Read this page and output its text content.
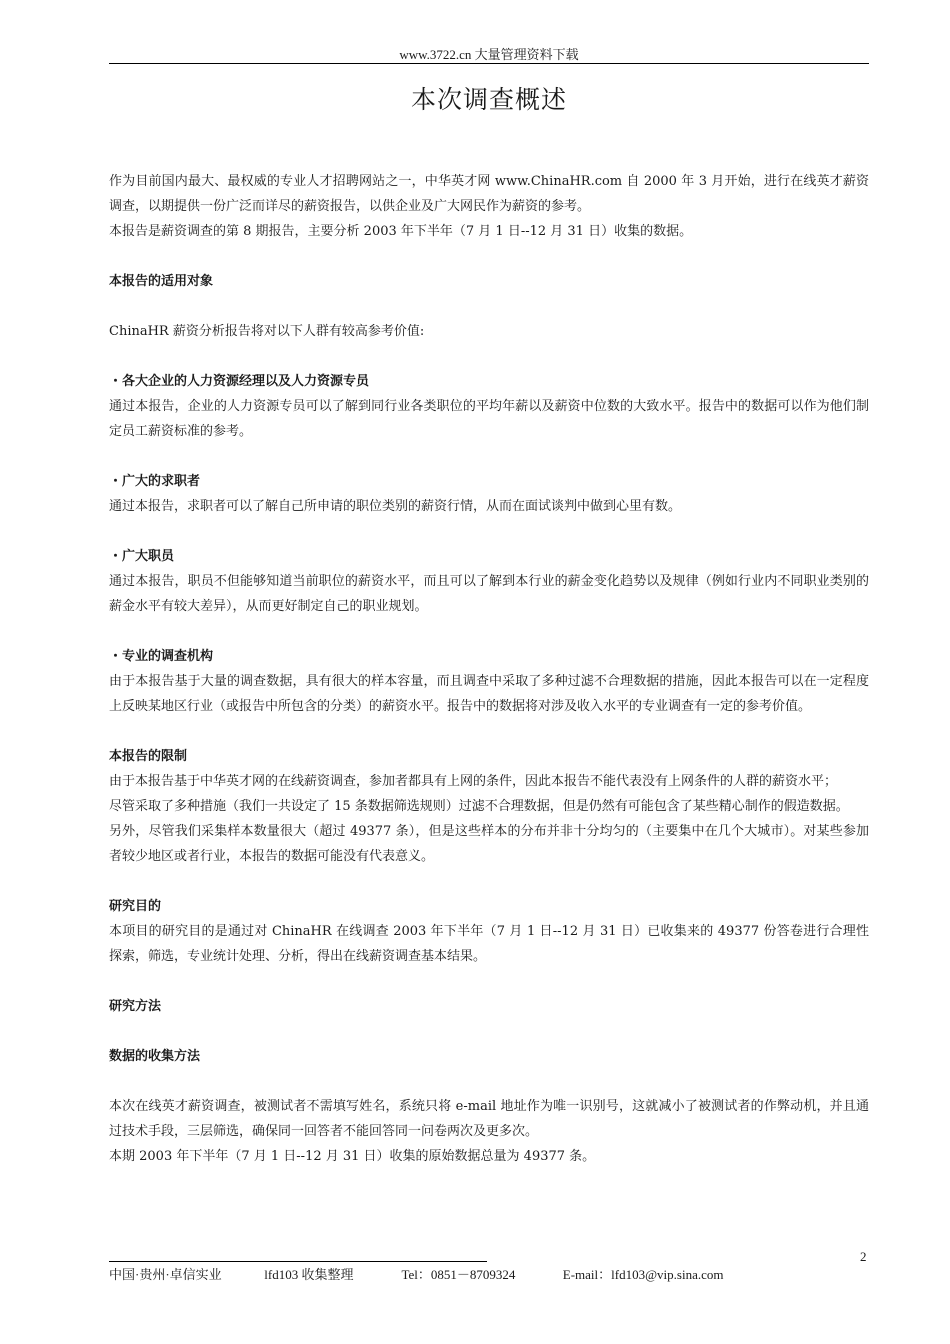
www.3722.cn 大量管理资料下载
本次调查概述

作为目前国内最大、最权威的专业人才招聘网站之一，中华英才网 www.ChinaHR.com 自 2000 年 3 月开始，进行在线英才薪资调查，以期提供一份广泛而详尽的薪资报告，以供企业及广大网民作为薪资的参考。

本报告是薪资调查的第 8 期报告，主要分析 2003 年下半年（7 月 1 日--12 月 31 日）收集的数据。

本报告的适用对象

ChinaHR 薪资分析报告将对以下人群有较高参考价值:

・各大企业的人力资源经理以及人力资源专员

通过本报告，企业的人力资源专员可以了解到同行业各类职位的平均年薪以及薪资中位数的大致水平。报告中的数据可以作为他们制定员工薪资标准的参考。

・广大的求职者

通过本报告，求职者可以了解自己所申请的职位类别的薪资行情，从而在面试谈判中做到心里有数。

・广大职员

通过本报告，职员不但能够知道当前职位的薪资水平，而且可以了解到本行业的薪金变化趋势以及规律（例如行业内不同职业类别的薪金水平有较大差异），从而更好制定自己的职业规划。

・专业的调查机构

由于本报告基于大量的调查数据，具有很大的样本容量，而且调查中采取了多种过滤不合理数据的措施，因此本报告可以在一定程度上反映某地区行业（或报告中所包含的分类）的薪资水平。报告中的数据将对涉及收入水平的专业调查有一定的参考价值。

本报告的限制

由于本报告基于中华英才网的在线薪资调查，参加者都具有上网的条件，因此本报告不能代表没有上网条件的人群的薪资水平；

尽管采取了多种措施（我们一共设定了 15 条数据筛选规则）过滤不合理数据，但是仍然有可能包含了某些精心制作的假造数据。

另外，尽管我们采集样本数量很大（超过 49377 条），但是这些样本的分布并非十分均匀的（主要集中在几个大城市）。对某些参加者较少地区或者行业，本报告的数据可能没有代表意义。

研究目的

本项目的研究目的是通过对 ChinaHR 在线调查 2003 年下半年（7 月 1 日--12 月 31 日）已收集来的 49377 份答卷进行合理性探索，筛选，专业统计处理、分析，得出在线薪资调查基本结果。

研究方法

数据的收集方法

本次在线英才薪资调查，被测试者不需填写姓名，系统只将 e-mail 地址作为唯一识别号，这就减小了被测试者的作弊动机，并且通过技术手段，三层筛选，确保同一回答者不能回答同一问卷两次及更多次。

本期 2003 年下半年（7 月 1 日--12 月 31 日）收集的原始数据总量为 49377 条。

2
中国·贵州·卓信实业	lfd103 收集整理	Tel：0851－8709324	E-mail：lfd103@vip.sina.com
